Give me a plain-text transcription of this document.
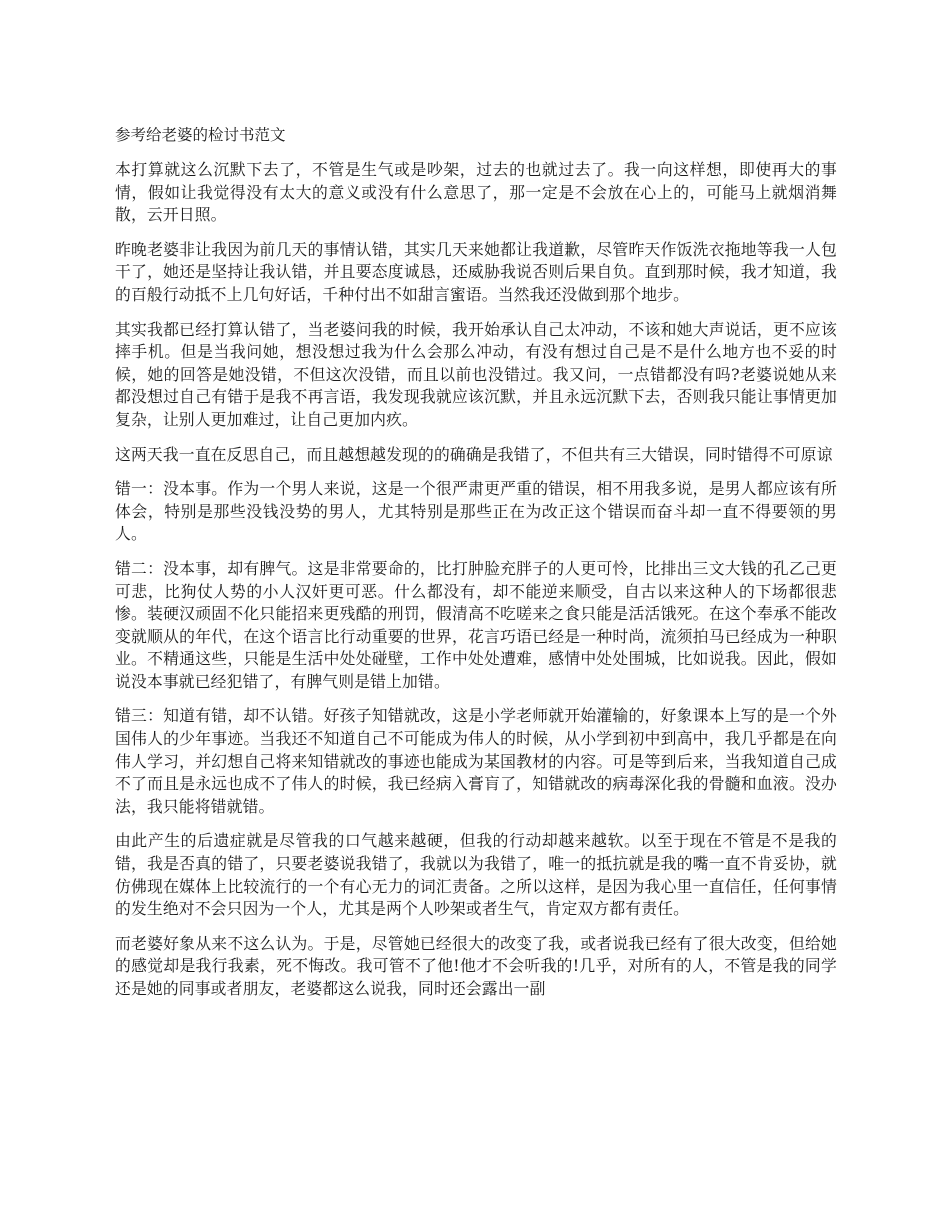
参考给老婆的检讨书范文

本打算就这么沉默下去了，不管是生气或是吵架，过去的也就过去了。我一向这样想，即使再大的事情，假如让我觉得没有太大的意义或没有什么意思了，那一定是不会放在心上的，可能马上就烟消舞散，云开日照。

昨晚老婆非让我因为前几天的事情认错，其实几天来她都让我道歉，尽管昨天作饭洗衣拖地等我一人包干了，她还是坚持让我认错，并且要态度诚恳，还威胁我说否则后果自负。直到那时候，我才知道，我的百般行动抵不上几句好话，千种付出不如甜言蜜语。当然我还没做到那个地步。

其实我都已经打算认错了，当老婆问我的时候，我开始承认自己太冲动，不该和她大声说话，更不应该摔手机。但是当我问她，想没想过我为什么会那么冲动，有没有想过自己是不是什么地方也不妥的时候，她的回答是她没错，不但这次没错，而且以前也没错过。我又问，一点错都没有吗?老婆说她从来都没想过自己有错于是我不再言语，我发现我就应该沉默，并且永远沉默下去，否则我只能让事情更加复杂，让别人更加难过，让自己更加内疚。

这两天我一直在反思自己，而且越想越发现的的确确是我错了，不但共有三大错误，同时错得不可原谅

错一：没本事。作为一个男人来说，这是一个很严肃更严重的错误，相不用我多说，是男人都应该有所体会，特别是那些没钱没势的男人，尤其特别是那些正在为改正这个错误而奋斗却一直不得要领的男人。

错二：没本事，却有脾气。这是非常要命的，比打肿脸充胖子的人更可怜，比排出三文大钱的孔乙己更可悲，比狗仗人势的小人汉奸更可恶。什么都没有，却不能逆来顺受，自古以来这种人的下场都很悲惨。装硬汉顽固不化只能招来更残酷的刑罚，假清高不吃嗟来之食只能是活活饿死。在这个奉承不能改变就顺从的年代，在这个语言比行动重要的世界，花言巧语已经是一种时尚，流须拍马已经成为一种职业。不精通这些，只能是生活中处处碰壁，工作中处处遭难，感情中处处围城，比如说我。因此，假如说没本事就已经犯错了，有脾气则是错上加错。

错三：知道有错，却不认错。好孩子知错就改，这是小学老师就开始灌输的，好象课本上写的是一个外国伟人的少年事迹。当我还不知道自己不可能成为伟人的时候，从小学到初中到高中，我几乎都是在向伟人学习，并幻想自己将来知错就改的事迹也能成为某国教材的内容。可是等到后来，当我知道自己成不了而且是永远也成不了伟人的时候，我已经病入膏肓了，知错就改的病毒深化我的骨髓和血液。没办法，我只能将错就错。

由此产生的后遗症就是尽管我的口气越来越硬，但我的行动却越来越软。以至于现在不管是不是我的错，我是否真的错了，只要老婆说我错了，我就以为我错了，唯一的抵抗就是我的嘴一直不肯妥协，就仿佛现在媒体上比较流行的一个有心无力的词汇责备。之所以这样，是因为我心里一直信任，任何事情的发生绝对不会只因为一个人，尤其是两个人吵架或者生气，肯定双方都有责任。

而老婆好象从来不这么认为。于是，尽管她已经很大的改变了我，或者说我已经有了很大改变，但给她的感觉却是我行我素，死不悔改。我可管不了他!他才不会听我的!几乎，对所有的人，不管是我的同学还是她的同事或者朋友，老婆都这么说我，同时还会露出一副
